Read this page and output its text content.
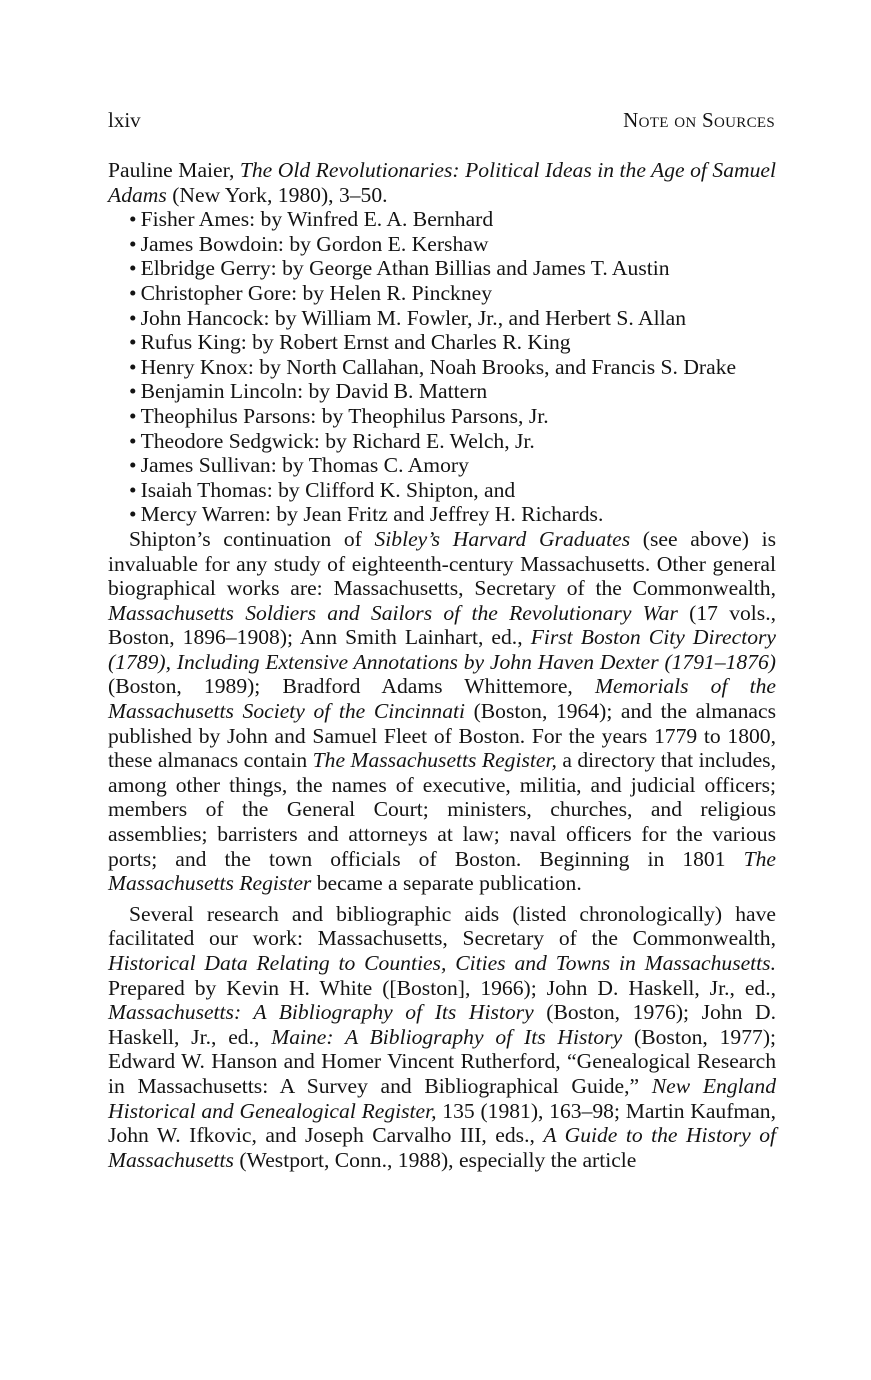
lxiv	Note on Sources

Pauline Maier, The Old Revolutionaries: Political Ideas in the Age of Samuel Adams (New York, 1980), 3–50.

• Fisher Ames: by Winfred E. A. Bernhard
• James Bowdoin: by Gordon E. Kershaw
• Elbridge Gerry: by George Athan Billias and James T. Austin
• Christopher Gore: by Helen R. Pinckney
• John Hancock: by William M. Fowler, Jr., and Herbert S. Allan
• Rufus King: by Robert Ernst and Charles R. King
• Henry Knox: by North Callahan, Noah Brooks, and Francis S. Drake
• Benjamin Lincoln: by David B. Mattern
• Theophilus Parsons: by Theophilus Parsons, Jr.
• Theodore Sedgwick: by Richard E. Welch, Jr.
• James Sullivan: by Thomas C. Amory
• Isaiah Thomas: by Clifford K. Shipton, and
• Mercy Warren: by Jean Fritz and Jeffrey H. Richards.

Shipton’s continuation of Sibley’s Harvard Graduates (see above) is invaluable for any study of eighteenth-century Massachusetts. Other general biographical works are: Massachusetts, Secretary of the Commonwealth, Massachusetts Soldiers and Sailors of the Revolutionary War (17 vols., Boston, 1896–1908); Ann Smith Lainhart, ed., First Boston City Directory (1789), Including Extensive Annotations by John Haven Dexter (1791–1876) (Boston, 1989); Bradford Adams Whittemore, Memorials of the Massachusetts Society of the Cincinnati (Boston, 1964); and the almanacs published by John and Samuel Fleet of Boston. For the years 1779 to 1800, these almanacs contain The Massachusetts Register, a directory that includes, among other things, the names of executive, militia, and judicial officers; members of the General Court; ministers, churches, and religious assemblies; barristers and attorneys at law; naval officers for the various ports; and the town officials of Boston. Beginning in 1801 The Massachusetts Register became a separate publication.

Several research and bibliographic aids (listed chronologically) have facilitated our work: Massachusetts, Secretary of the Commonwealth, Historical Data Relating to Counties, Cities and Towns in Massachusetts. Prepared by Kevin H. White ([Boston], 1966); John D. Haskell, Jr., ed., Massachusetts: A Bibliography of Its History (Boston, 1976); John D. Haskell, Jr., ed., Maine: A Bibliography of Its History (Boston, 1977); Edward W. Hanson and Homer Vincent Rutherford, “Genealogical Research in Massachusetts: A Survey and Bibliographical Guide,” New England Historical and Genealogical Register, 135 (1981), 163–98; Martin Kaufman, John W. Ifkovic, and Joseph Carvalho III, eds., A Guide to the History of Massachusetts (Westport, Conn., 1988), especially the article
